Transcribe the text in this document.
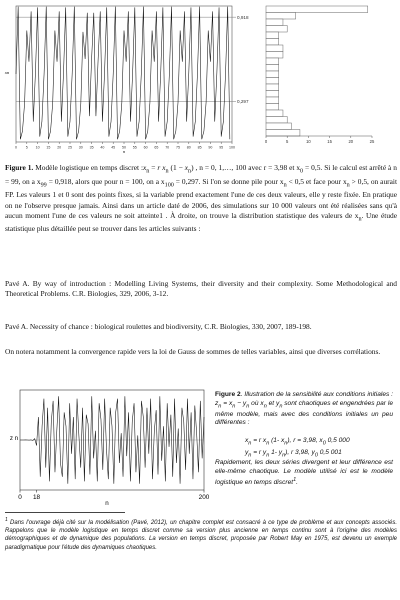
0 5 10 15 20 25 30 35 40 45 50 55 60 65 70 75 80 85 90 95 100
n
xn
0,918
0,297
0	5	10	15	20	25
Figure 1. Modèle logistique en temps discret $:x_n = r$ $x_n$ $(1 - x_n)$ , n = 0, 1,…, 100 avec r = 3,98 et $x_0 = 0,5$. Si le calcul est arrêté à n = 99, on a $x_{99} = 0,918$, alors que pour n = 100, on a $x_{100} = 0,297$. Si l'on se donne pile pour $x_n < 0,5$ et face pour $x_n > 0,5$, on aurait FP. Les valeurs 1 et 0 sont des points fixes, si la variable prend exactement l'une de ces deux valeurs, elle y reste fixée. En pratique on ne l'observe presque jamais. Ainsi dans un article daté de 2006, des simulations sur 10 000 valeurs ont été réalisées sans qu'à aucun moment l'une de ces valeurs ne soit atteinte1 . À droite, on trouve la distribution statistique des valeurs de $x_n$. Une étude statistique plus détaillée peut se trouver dans les articles suivants :
Pavé A. By way of introduction : Modelling Living Systems, their diversity and their complexity. Some Methodological and Theoretical Problems. C.R. Biologies, 329, 2006, 3-12.
Pavé A. Necessity of chance : biological roulettes and biodiversity, C.R. Biologies, 330, 2007, 189-198.
On notera notamment la convergence rapide vers la loi de Gauss de sommes de telles variables, ainsi que diverses corrélations.
0 18	200
n
z n
Figure 2. Illustration de la sensibilité aux conditions initiales : $z_n = x_n - y_n$ où $x_n$ et $y_n$ sont chaotiques et engendrées par le même modèle, mais avec des conditions initiales un peu différentes :
$x_n = r$ $x_n$ (1- $x_n$), r = 3,98, $x_0$ 0,5 000
$y_n = r$ $y_n$ 1- $y_n$), r 3,98, $y_0$ 0,5 001
Rapidement, les deux séries divergent et leur différence est elle-même chaotique. Le modèle utilisé ici est le modèle logistique en temps discret$^1$.
$^1$ Dans l'ouvrage déjà cité sur la modélisation (Pavé, 2012), un chapitre complet est consacré à ce type de problème et aux concepts associés. Rappelons que le modèle logistique en temps discret comme sa version plus ancienne en temps continu sont à l'origine des modèles démographiques et de dynamique des populations. La version en temps discret, proposée par Robert May en 1975, est devenu un exemple paradigmatique pour l'étude des dynamiques chaotiques.
